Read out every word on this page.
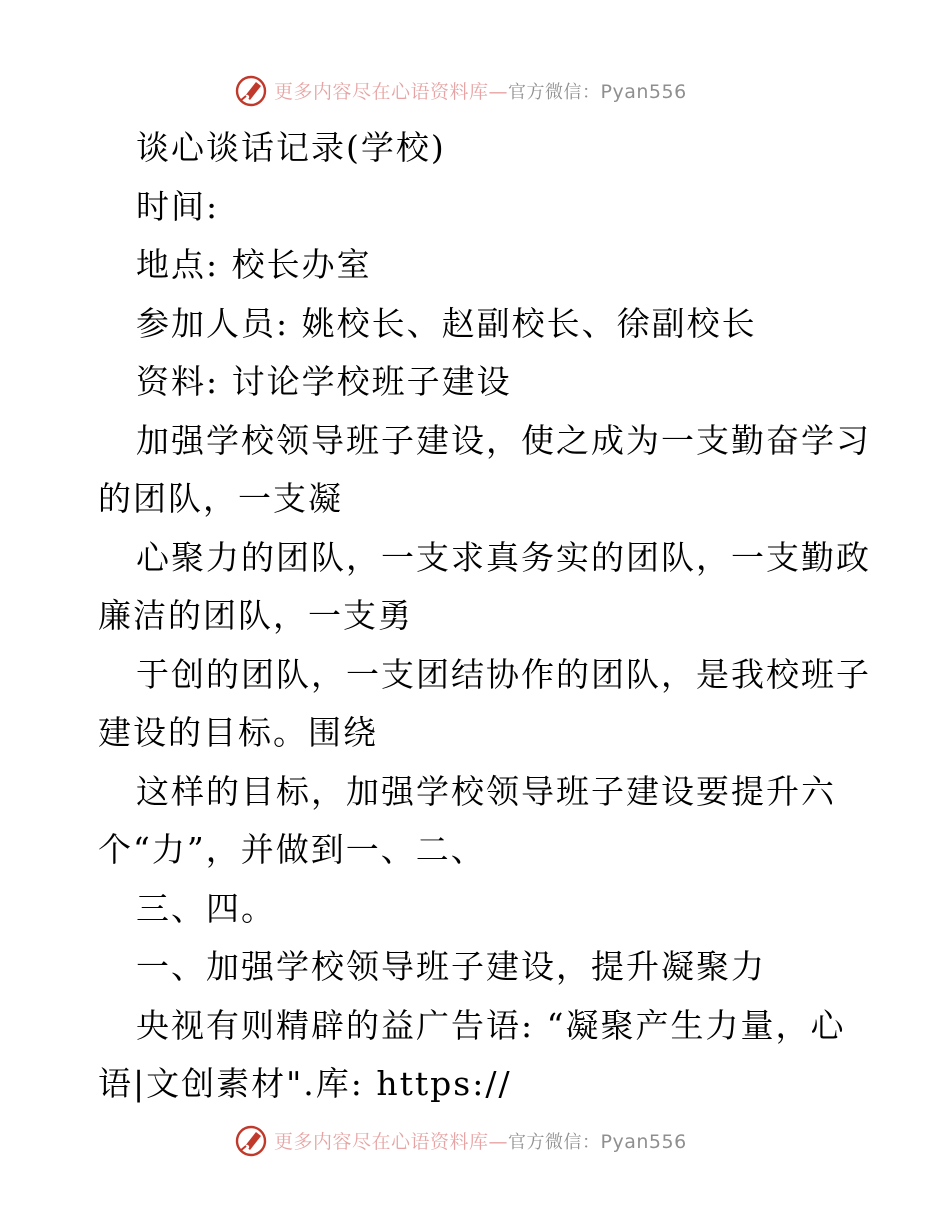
更多内容尽在心语资料库—官方微信：Pyan556
谈心谈话记录(学校)
时间:
地点: 校长办室
参加人员: 姚校长、赵副校长、徐副校长
资料: 讨论学校班子建设
加强学校领导班子建设，使之成为一支勤奋学习
的团队，一支凝
心聚力的团队，一支求真务实的团队，一支勤政
廉洁的团队，一支勇
于创的团队，一支团结协作的团队，是我校班子
建设的目标。围绕
这样的目标，加强学校领导班子建设要提升六
个“力”，并做到一、二、
三、四。
一、加强学校领导班子建设，提升凝聚力
央视有则精辟的益广告语: “凝聚产生力量，心
语|文创素材".库: https://
更多内容尽在心语资料库—官方微信：Pyan556
